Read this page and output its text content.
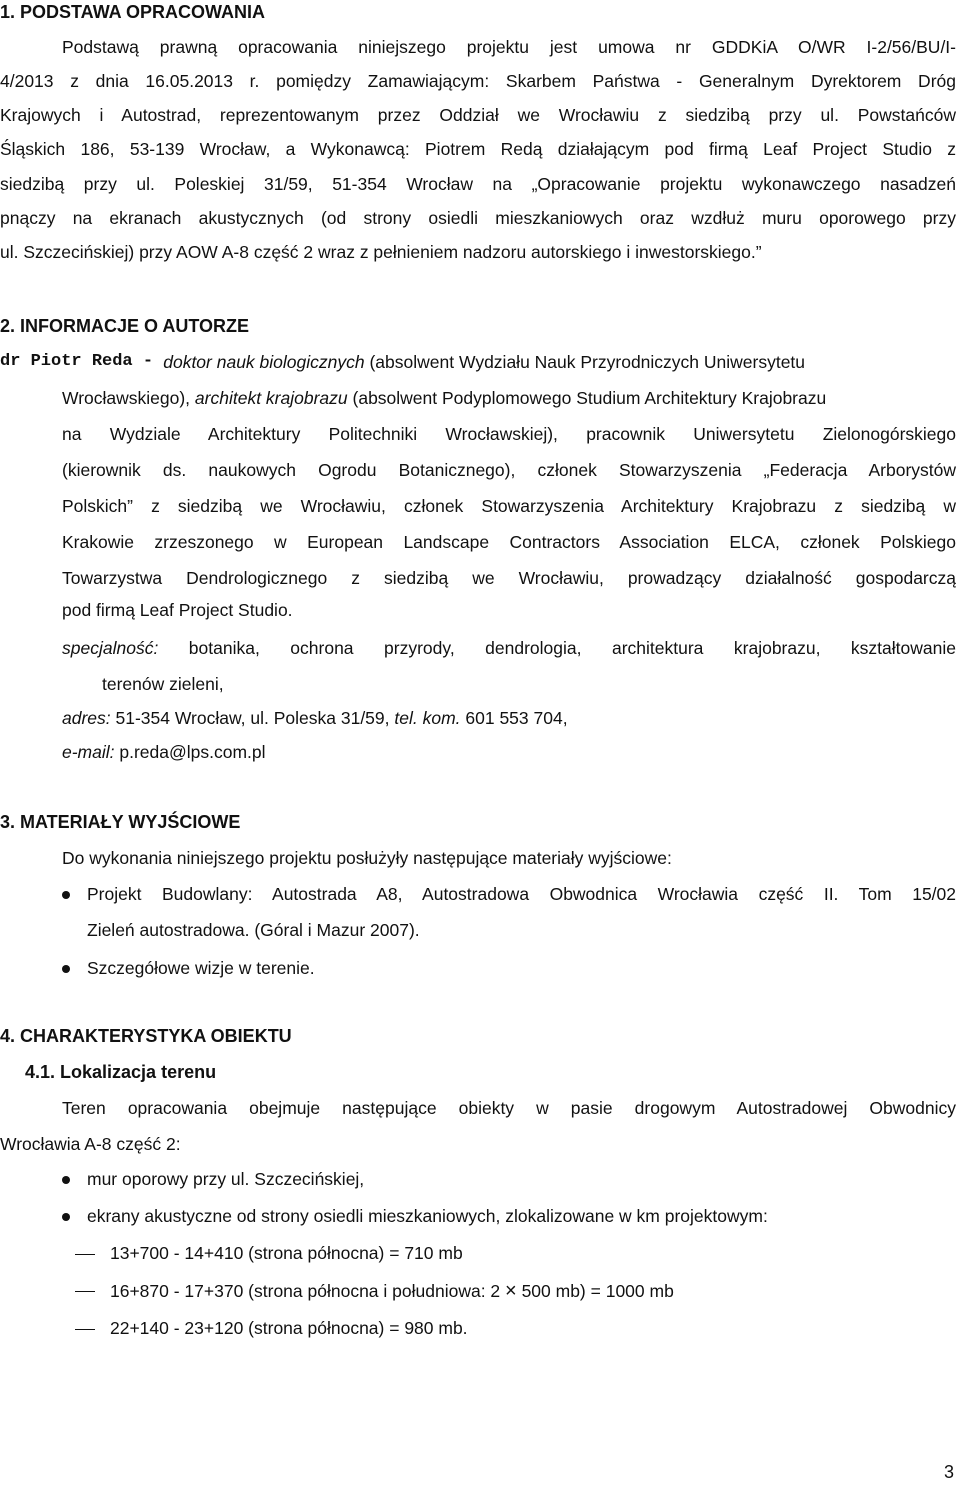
1. PODSTAWA OPRACOWANIA
Podstawą prawną opracowania niniejszego projektu jest umowa nr GDDKiA O/WR I-2/56/BU/I-
4/2013 z dnia 16.05.2013 r. pomiędzy Zamawiającym: Skarbem Państwa - Generalnym Dyrektorem Dróg
Krajowych i Autostrad, reprezentowanym przez Oddział we Wrocławiu z siedzibą przy ul. Powstańców
Śląskich 186, 53-139 Wrocław, a Wykonawcą: Piotrem Redą działającym pod firmą Leaf Project Studio z
siedzibą przy ul. Poleskiej 31/59, 51-354 Wrocław na „Opracowanie projektu wykonawczego nasadzeń
pnączy na ekranach akustycznych (od strony osiedli mieszkaniowych oraz wzdłuż muru oporowego przy
ul. Szczecińskiej) przy AOW A-8 część 2 wraz z pełnieniem nadzoru autorskiego i inwestorskiego.”
2. INFORMACJE O AUTORZE
dr Piotr Reda - doktor nauk biologicznych (absolwent Wydziału Nauk Przyrodniczych Uniwersytetu
Wrocławskiego), architekt krajobrazu (absolwent Podyplomowego Studium Architektury Krajobrazu
na Wydziale Architektury Politechniki Wrocławskiej), pracownik Uniwersytetu Zielonogórskiego
(kierownik ds. naukowych Ogrodu Botanicznego), członek Stowarzyszenia „Federacja Arborystów
Polskich” z siedzibą we Wrocławiu, członek Stowarzyszenia Architektury Krajobrazu z siedzibą w
Krakowie zrzeszonego w European Landscape Contractors Association ELCA, członek Polskiego
Towarzystwa Dendrologicznego z siedzibą we Wrocławiu, prowadzący działalność gospodarczą
pod firmą Leaf Project Studio.
specjalność: botanika, ochrona przyrody, dendrologia, architektura krajobrazu, kształtowanie
terenów zieleni,
adres: 51-354 Wrocław, ul. Poleska 31/59, tel. kom. 601 553 704,
e-mail: p.reda@lps.com.pl
3. MATERIAŁY WYJŚCIOWE
Do wykonania niniejszego projektu posłużyły następujące materiały wyjściowe:
Projekt Budowlany: Autostrada A8, Autostradowa Obwodnica Wrocławia część II. Tom 15/02
Zieleń autostradowa. (Góral i Mazur 2007).
Szczegółowe wizje w terenie.
4. CHARAKTERYSTYKA OBIEKTU
4.1. Lokalizacja terenu
Teren opracowania obejmuje następujące obiekty w pasie drogowym Autostradowej Obwodnicy
Wrocławia A-8 część 2:
mur oporowy przy ul. Szczecińskiej,
ekrany akustyczne od strony osiedli mieszkaniowych, zlokalizowane w km projektowym:
13+700 - 14+410 (strona północna) = 710 mb
16+870 - 17+370 (strona północna i południowa: 2 × 500 mb) = 1000 mb
22+140 - 23+120 (strona północna) = 980 mb.
3
